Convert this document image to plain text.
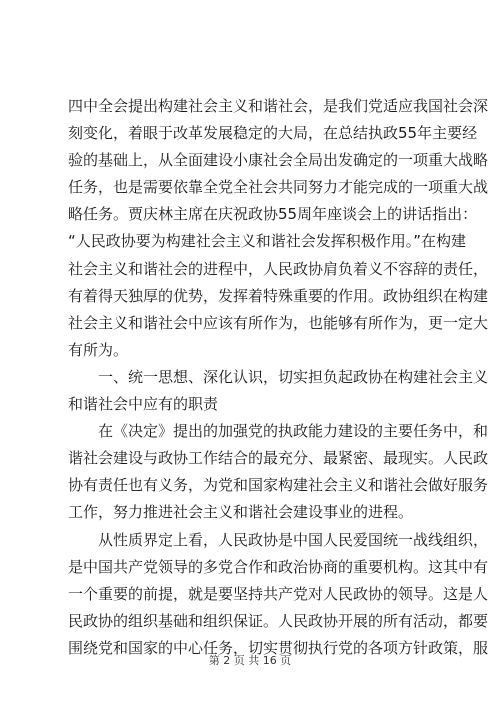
四中全会提出构建社会主义和谐社会，是我们党适应我国社会深
刻变化，着眼于改革发展稳定的大局，在总结执政55年主要经
验的基础上，从全面建设小康社会全局出发确定的一项重大战略
任务，也是需要依靠全党全社会共同努力才能完成的一项重大战
略任务。贾庆林主席在庆祝政协55周年座谈会上的讲话指出：
“人民政协要为构建社会主义和谐社会发挥积极作用。”在构建
社会主义和谐社会的进程中，人民政协肩负着义不容辞的责任，
有着得天独厚的优势，发挥着特殊重要的作用。政协组织在构建
社会主义和谐社会中应该有所作为，也能够有所作为，更一定大
有所为。
一、统一思想、深化认识，切实担负起政协在构建社会主义
和谐社会中应有的职责
在《决定》提出的加强党的执政能力建设的主要任务中，和
谐社会建设与政协工作结合的最充分、最紧密、最现实。人民政
协有责任也有义务，为党和国家构建社会主义和谐社会做好服务
工作，努力推进社会主义和谐社会建设事业的进程。
从性质界定上看，人民政协是中国人民爱国统一战线组织，
是中国共产党领导的多党合作和政治协商的重要机构。这其中有
一个重要的前提，就是要坚持共产党对人民政协的领导。这是人
民政协的组织基础和组织保证。人民政协开展的所有活动，都要
围绕党和国家的中心任务，切实贯彻执行党的各项方针政策，服
第 2 页 共 16 页
